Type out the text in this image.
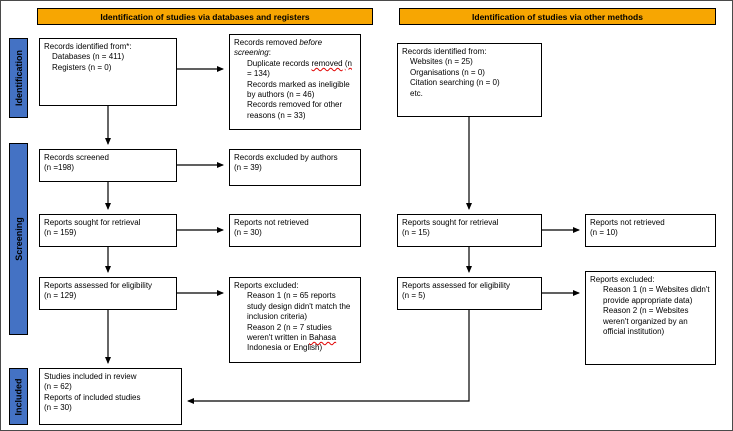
Identification of studies via databases and registers	Identification of studies via other methods
Identification
Screening
Included
Records identified from*:
Databases (n = 411)
Registers (n = 0)
Records screened
(n =198)
Reports sought for retrieval
(n = 159)
Reports assessed for eligibility
(n = 129)
Studies included in review
(n = 62)
Reports of included studies
(n = 30)
Records removed before screening:
Duplicate records removed (n = 134)
Records marked as ineligible by authors (n = 46)
Records removed for other reasons (n = 33)
Records excluded by authors
(n = 39)
Reports not retrieved
(n = 30)
Reports excluded:
Reason 1 (n = 65 reports study design didn't match the inclusion criteria)
Reason 2 (n = 7 studies weren't written in Bahasa Indonesia or English)
Records identified from:
Websites (n = 25)
Organisations (n = 0)
Citation searching (n = 0)
etc.
Reports sought for retrieval
(n = 15)
Reports assessed for eligibility
(n = 5)
Reports not retrieved
(n = 10)
Reports excluded:
Reason 1 (n = Websites didn't provide appropriate data)
Reason 2 (n = Websites weren't organized by an official institution)
